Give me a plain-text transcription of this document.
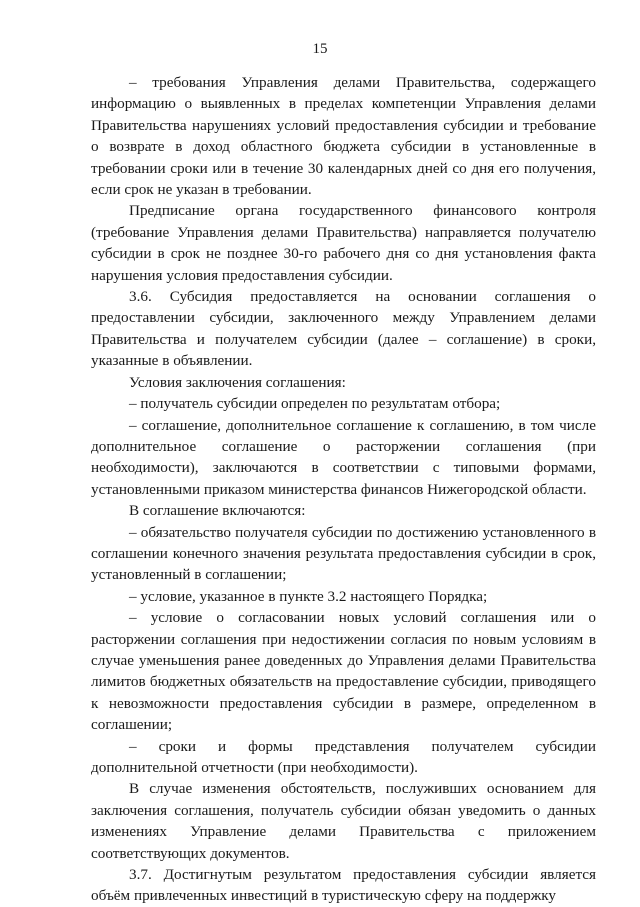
15

– требования Управления делами Правительства, содержащего информацию о выявленных в пределах компетенции Управления делами Правительства нарушениях условий предоставления субсидии и требование о возврате в доход областного бюджета субсидии в установленные в требовании сроки или в течение 30 календарных дней со дня его получения, если срок не указан в требовании.

Предписание органа государственного финансового контроля (требование Управления делами Правительства) направляется получателю субсидии в срок не позднее 30-го рабочего дня со дня установления факта нарушения условия предоставления субсидии.

3.6. Субсидия предоставляется на основании соглашения о предоставлении субсидии, заключенного между Управлением делами Правительства и получателем субсидии (далее – соглашение) в сроки, указанные в объявлении.

Условия заключения соглашения:

– получатель субсидии определен по результатам отбора;

– соглашение, дополнительное соглашение к соглашению, в том числе дополнительное соглашение о расторжении соглашения (при необходимости), заключаются в соответствии с типовыми формами, установленными приказом министерства финансов Нижегородской области.

В соглашение включаются:

– обязательство получателя субсидии по достижению установленного в соглашении конечного значения результата предоставления субсидии в срок, установленный в соглашении;

– условие, указанное в пункте 3.2 настоящего Порядка;

– условие о согласовании новых условий соглашения или о расторжении соглашения при недостижении согласия по новым условиям в случае уменьшения ранее доведенных до Управления делами Правительства лимитов бюджетных обязательств на предоставление субсидии, приводящего к невозможности предоставления субсидии в размере, определенном в соглашении;

– сроки и формы представления получателем субсидии дополнительной отчетности (при необходимости).

В случае изменения обстоятельств, послуживших основанием для заключения соглашения, получатель субсидии обязан уведомить о данных изменениях Управление делами Правительства с приложением соответствующих документов.

3.7. Достигнутым результатом предоставления субсидии является объём привлеченных инвестиций в туристическую сферу на поддержку
